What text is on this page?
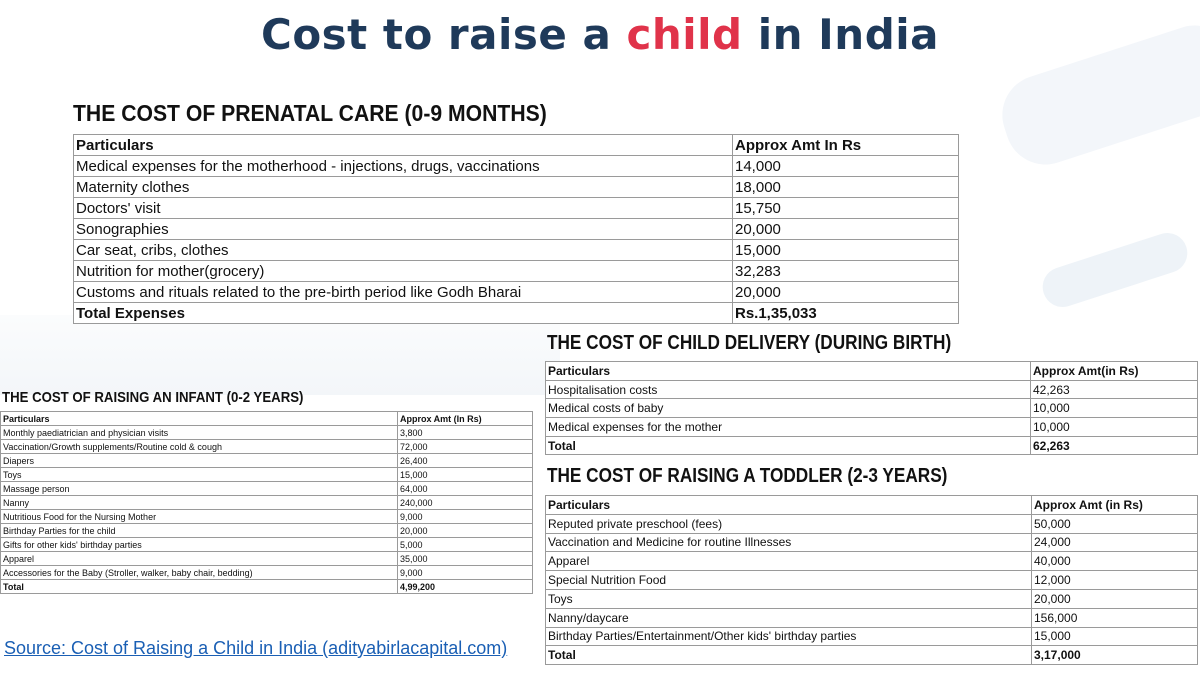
Cost to raise a child in India
THE COST OF PRENATAL CARE (0-9 MONTHS)
Particulars	Approx Amt In Rs
Medical expenses for the motherhood - injections, drugs, vaccinations	14,000
Maternity clothes	18,000
Doctors' visit	15,750
Sonographies	20,000
Car seat, cribs, clothes	15,000
Nutrition for mother(grocery)	32,283
Customs and rituals related to the pre-birth period like Godh Bharai	20,000
Total Expenses	Rs.1,35,033
THE COST OF RAISING AN INFANT (0-2 YEARS)
Particulars	Approx Amt (In Rs)
Monthly paediatrician and physician visits	3,800
Vaccination/Growth supplements/Routine cold & cough	72,000
Diapers	26,400
Toys	15,000
Massage person	64,000
Nanny	240,000
Nutritious Food for the Nursing Mother	9,000
Birthday Parties for the child	20,000
Gifts for other kids' birthday parties	5,000
Apparel	35,000
Accessories for the Baby (Stroller, walker, baby chair, bedding)	9,000
Total	4,99,200
THE COST OF CHILD DELIVERY (DURING BIRTH)
Particulars	Approx Amt(in Rs)
Hospitalisation costs	42,263
Medical costs of baby	10,000
Medical expenses for the mother	10,000
Total	62,263
THE COST OF RAISING A TODDLER (2-3 YEARS)
Particulars	Approx Amt (in Rs)
Reputed private preschool (fees)	50,000
Vaccination and Medicine for routine Illnesses	24,000
Apparel	40,000
Special Nutrition Food	12,000
Toys	20,000
Nanny/daycare	156,000
Birthday Parties/Entertainment/Other kids' birthday parties	15,000
Total	3,17,000
Source: Cost of Raising a Child in India (adityabirlacapital.com)
